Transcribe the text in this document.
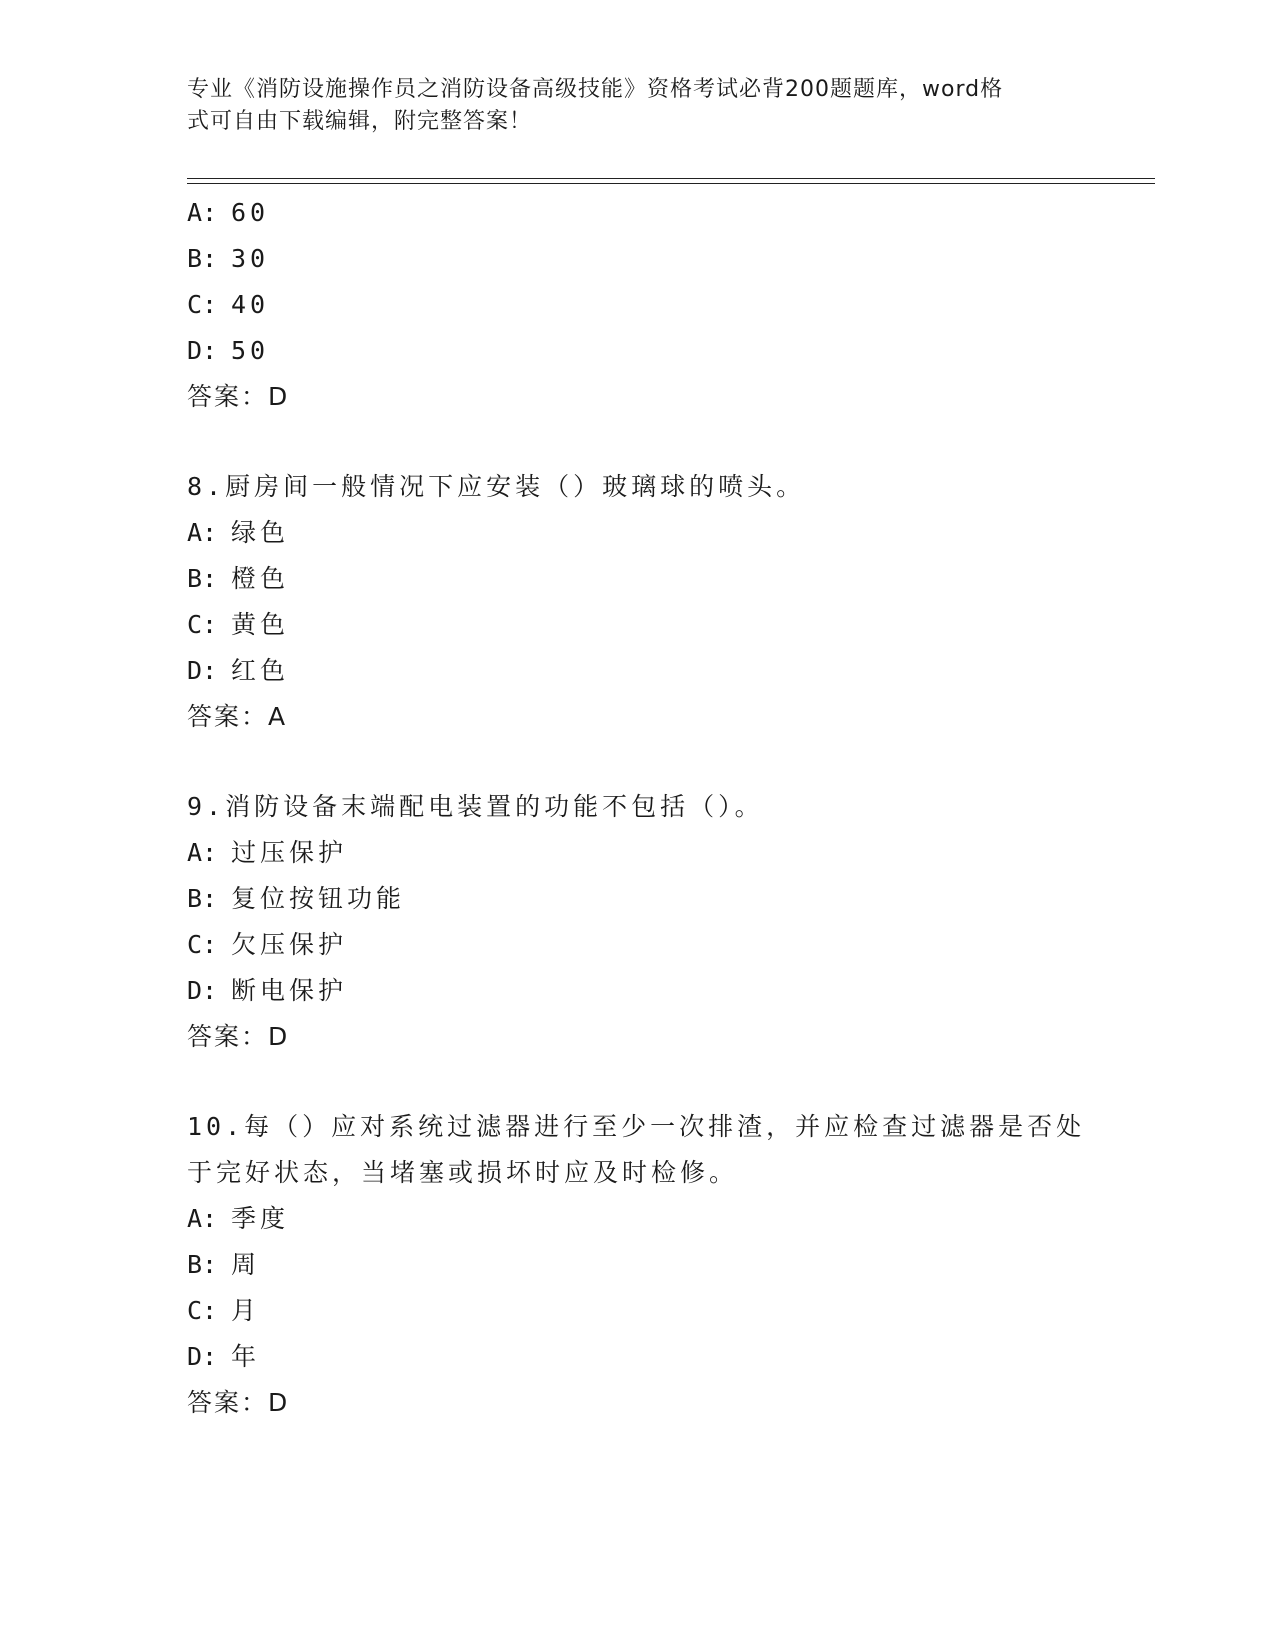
专业《消防设施操作员之消防设备高级技能》资格考试必背200题题库，word格
式可自由下载编辑，附完整答案！
A: 60
B: 30
C: 40
D: 50
答案：D
8.厨房间一般情况下应安装（）玻璃球的喷头。
A: 绿色
B: 橙色
C: 黄色
D: 红色
答案：A
9.消防设备末端配电装置的功能不包括（）。
A: 过压保护
B: 复位按钮功能
C: 欠压保护
D: 断电保护
答案：D
10.每（）应对系统过滤器进行至少一次排渣，并应检查过滤器是否处
于完好状态，当堵塞或损坏时应及时检修。
A: 季度
B: 周
C: 月
D: 年
答案：D
